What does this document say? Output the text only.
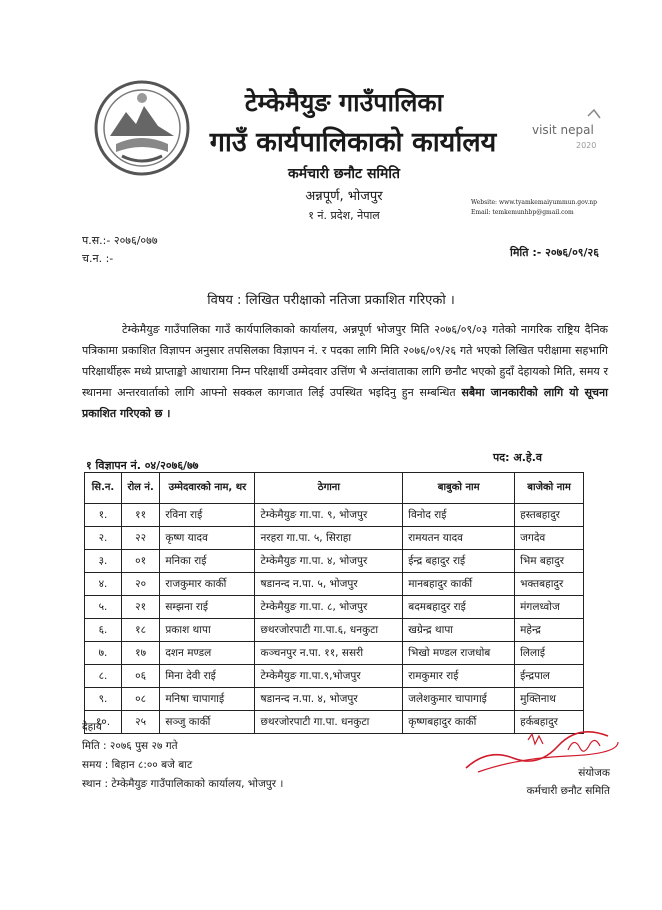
टेम्केमैयुङ गाउँपालिका
गाउँ कार्यपालिकाको कार्यालय
कर्मचारी छनौट समिति
अन्नपूर्ण, भोजपुर
१ नं. प्रदेश, नेपाल
visit nepal
2020
Website: www.tyamkemaiyummun.gov.np
Email: temkemunhbp@gmail.com
प.स.:- २०७६/०७७
च.न. :-	मिति :- २०७६/०९/२६
विषय : लिखित परीक्षाको नतिजा प्रकाशित गरिएको ।
टेम्केमैयुङ गाउँपालिका गाउँ कार्यपालिकाको कार्यालय, अन्नपूर्ण भोजपुर मिति २०७६/०९/०३ गतेको नागरिक राष्ट्रिय दैनिक पत्रिकामा प्रकाशित विज्ञापन अनुसार तपसिलका विज्ञापन नं. र पदका लागि मिति २०७६/०९/२६ गते भएको लिखित परीक्षामा सहभागि परिक्षार्थीहरू मध्ये प्राप्ताङ्को आधारामा निम्न परिक्षार्थी उम्मेदवार उत्तिंण भै अन्तंवाताका लागि छनौट भएको हुदाँ देहायको मिति, समय र स्थानमा अन्तरवार्ताको लागि आफ्नो सक्कल कागजात लिई उपस्थित भइदिनु हुन सम्बन्धित सबैमा जानकारीको लागि यो सूचना प्रकाशित गरिएको छ ।
१ विज्ञापन नं. ०४/२०७६/७७
पद: अ.हे.व
सि.न.	रोल नं.	उम्मेदवारको नाम, थर	ठेगाना	बाबुको नाम	बाजेको नाम
१.	११	रविना राई	टेम्केमैयुङ गा.पा. ९, भोजपुर	विनोद राई	हस्तबहादुर
२.	२२	कृष्ण यादव	नरहरा गा.पा. ५, सिराहा	रामयतन यादव	जगदेव
३.	०१	मनिका राई	टेम्केमैयुङ गा.पा. ४, भोजपुर	ईन्द्र बहादुर राई	भिम बहादुर
४.	२०	राजकुमार कार्की	षडानन्द न.पा. ५, भोजपुर	मानबहादुर कार्की	भक्तबहादुर
५.	२१	सम्झना राई	टेम्केमैयुङ गा.पा. ८, भोजपुर	बदमबहादुर राई	मंगलध्वोज
६.	१८	प्रकाश थापा	छथरजोरपाटी गा.पा.६, धनकुटा	खग्रेन्द्र थापा	महेन्द्र
७.	१७	दशन मण्डल	कञ्चनपुर न.पा. ११, ससरी	भिखो मण्डल राजधोब	लिलाई
८.	०६	मिना देवी राई	टेम्केमैयुङ गा.पा.९,भोजपुर	रामकुमार राई	ईन्द्रपाल
९.	०८	मनिषा चापागाई	षडानन्द न.पा. ४, भोजपुर	जलेशकुमार चापागाई	मुक्तिनाथ
१०.	२५	सञ्जु कार्की	छथरजोरपाटी गा.पा. धनकुटा	कृष्णबहादुर कार्की	हर्कबहादुर
देहाय
मिति : २०७६ पुस २७ गते
समय : बिहान ८:०० बजे बाट
स्थान : टेम्केमैयुङ गाउँपालिकाको कार्यालय, भोजपुर ।
संयोजक
कर्मचारी छनौट समिति
